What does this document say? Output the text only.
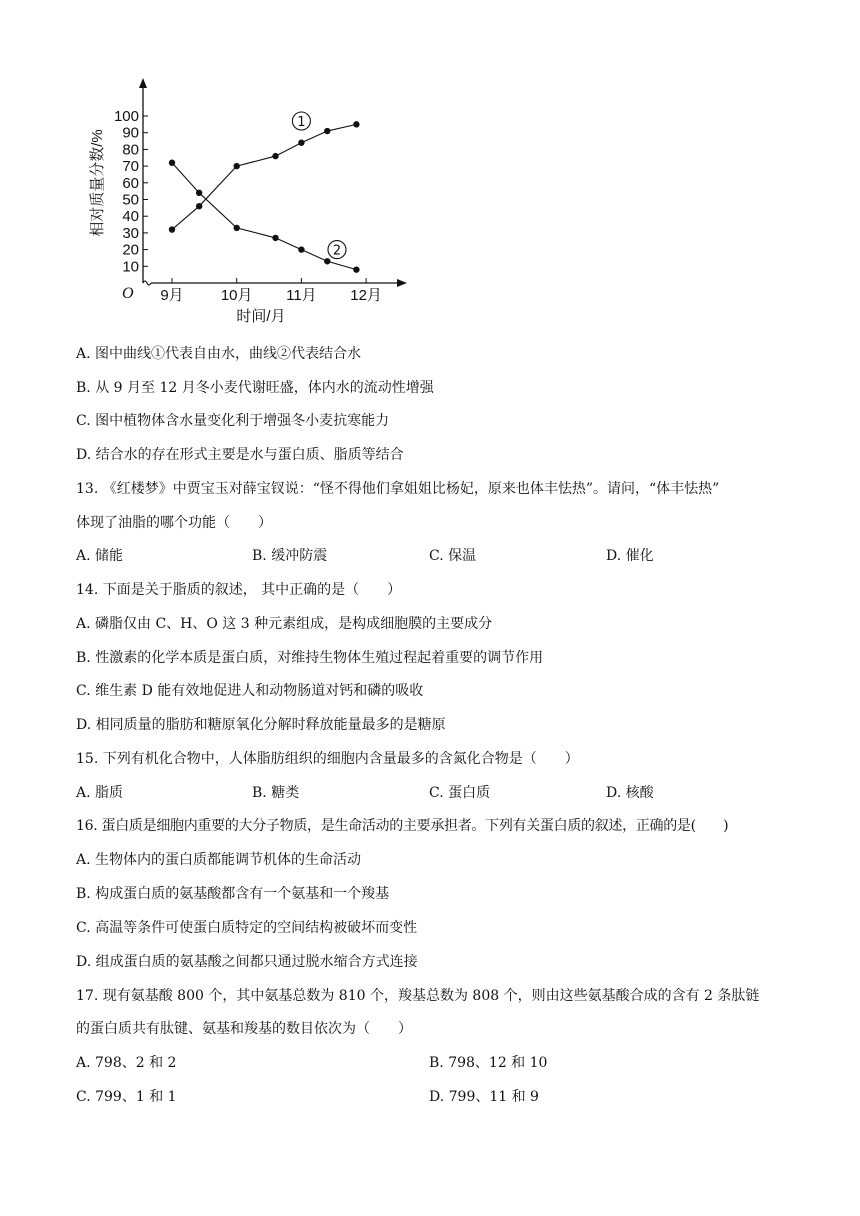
10
20
30
40
50
60
70
80
90
100
9月 10月 11月 12月
1
2
相对质量分数/%
时间/月
O
A. 图中曲线①代表自由水，曲线②代表结合水
B. 从 9 月至 12 月冬小麦代谢旺盛，体内水的流动性增强
C. 图中植物体含水量变化利于增强冬小麦抗寒能力
D. 结合水的存在形式主要是水与蛋白质、脂质等结合
13. 《红楼梦》中贾宝玉对薛宝钗说：“怪不得他们拿姐姐比杨妃，原来也体丰怯热”。请问，“体丰怯热”
体现了油脂的哪个功能（　　）
A. 储能	B. 缓冲防震	C. 保温	D. 催化
14. 下面是关于脂质的叙述， 其中正确的是（　　）
A. 磷脂仅由 C、H、O 这 3 种元素组成，是构成细胞膜的主要成分
B. 性激素的化学本质是蛋白质，对维持生物体生殖过程起着重要的调节作用
C. 维生素 D 能有效地促进人和动物肠道对钙和磷的吸收
D. 相同质量的脂肪和糖原氧化分解时释放能量最多的是糖原
15. 下列有机化合物中，人体脂肪组织的细胞内含量最多的含氮化合物是（　　）
A. 脂质	B. 糖类	C. 蛋白质	D. 核酸
16. 蛋白质是细胞内重要的大分子物质，是生命活动的主要承担者。下列有关蛋白质的叙述，正确的是(　　)
A. 生物体内的蛋白质都能调节机体的生命活动
B. 构成蛋白质的氨基酸都含有一个氨基和一个羧基
C. 高温等条件可使蛋白质特定的空间结构被破坏而变性
D. 组成蛋白质的氨基酸之间都只通过脱水缩合方式连接
17. 现有氨基酸 800 个，其中氨基总数为 810 个，羧基总数为 808 个，则由这些氨基酸合成的含有 2 条肽链
的蛋白质共有肽键、氨基和羧基的数目依次为（　　）
A. 798、2 和 2	B. 798、12 和 10
C. 799、1 和 1	D. 799、11 和 9
